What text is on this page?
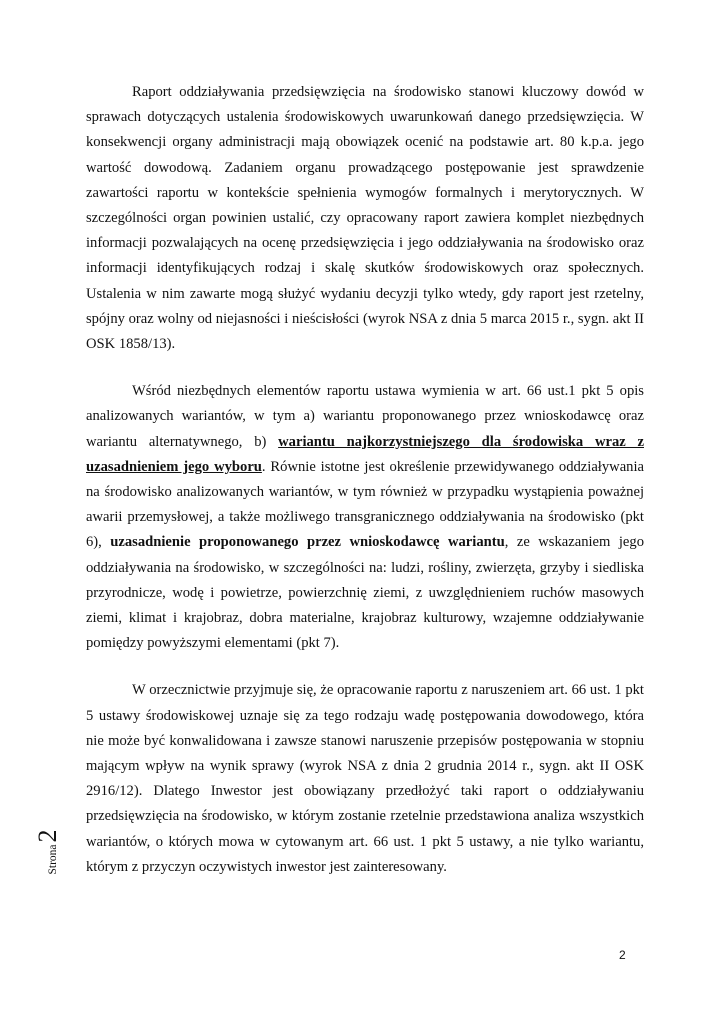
Raport oddziaływania przedsięwzięcia na środowisko stanowi kluczowy dowód w sprawach dotyczących ustalenia środowiskowych uwarunkowań danego przedsięwzięcia. W konsekwencji organy administracji mają obowiązek ocenić na podstawie art. 80 k.p.a. jego wartość dowodową. Zadaniem organu prowadzącego postępowanie jest sprawdzenie zawartości raportu w kontekście spełnienia wymogów formalnych i merytorycznych. W szczególności organ powinien ustalić, czy opracowany raport zawiera komplet niezbędnych informacji pozwalających na ocenę przedsięwzięcia i jego oddziaływania na środowisko oraz informacji identyfikujących rodzaj i skalę skutków środowiskowych oraz społecznych. Ustalenia w nim zawarte mogą służyć wydaniu decyzji tylko wtedy, gdy raport jest rzetelny, spójny oraz wolny od niejasności i nieścisłości (wyrok NSA z dnia 5 marca 2015 r., sygn. akt II OSK 1858/13).

Wśród niezbędnych elementów raportu ustawa wymienia w art. 66 ust.1 pkt 5 opis analizowanych wariantów, w tym a) wariantu proponowanego przez wnioskodawcę oraz wariantu alternatywnego, b) wariantu najkorzystniejszego dla środowiska wraz z uzasadnieniem jego wyboru. Równie istotne jest określenie przewidywanego oddziaływania na środowisko analizowanych wariantów, w tym również w przypadku wystąpienia poważnej awarii przemysłowej, a także możliwego transgranicznego oddziaływania na środowisko (pkt 6), uzasadnienie proponowanego przez wnioskodawcę wariantu, ze wskazaniem jego oddziaływania na środowisko, w szczególności na: ludzi, rośliny, zwierzęta, grzyby i siedliska przyrodnicze, wodę i powietrze, powierzchnię ziemi, z uwzględnieniem ruchów masowych ziemi, klimat i krajobraz, dobra materialne, krajobraz kulturowy, wzajemne oddziaływanie pomiędzy powyższymi elementami (pkt 7).

W orzecznictwie przyjmuje się, że opracowanie raportu z naruszeniem art. 66 ust. 1 pkt 5 ustawy środowiskowej uznaje się za tego rodzaju wadę postępowania dowodowego, która nie może być konwalidowana i zawsze stanowi naruszenie przepisów postępowania w stopniu mającym wpływ na wynik sprawy (wyrok NSA z dnia 2 grudnia 2014 r., sygn. akt II OSK 2916/12). Dlatego Inwestor jest obowiązany przedłożyć taki raport o oddziaływaniu przedsięwzięcia na środowisko, w którym zostanie rzetelnie przedstawiona analiza wszystkich wariantów, o których mowa w cytowanym art. 66 ust. 1 pkt 5 ustawy, a nie tylko wariantu, którym z przyczyn oczywistych inwestor jest zainteresowany.

Strona2
2
